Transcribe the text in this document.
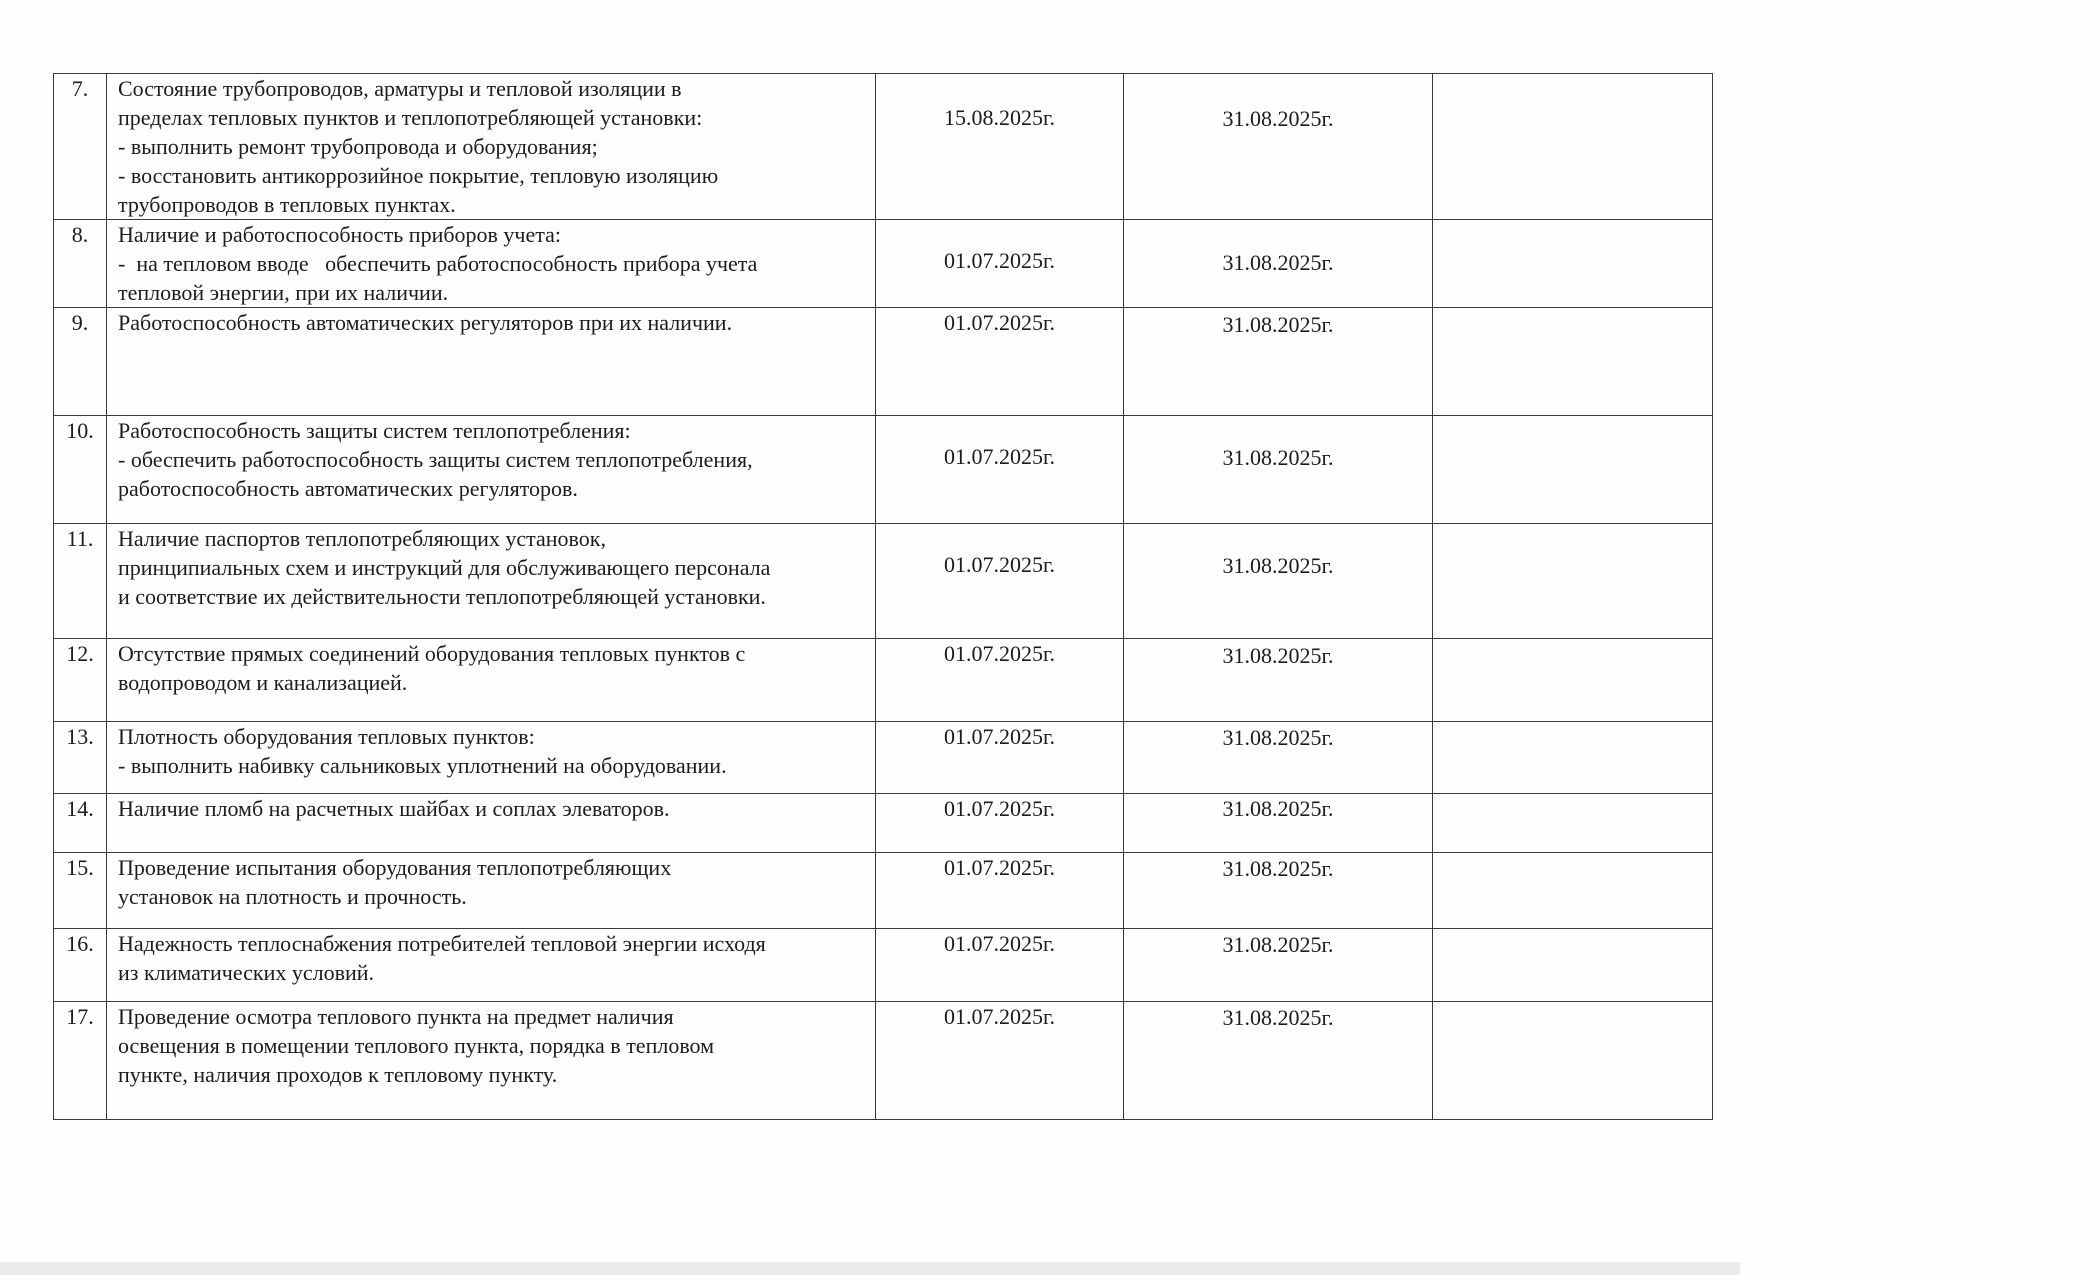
7.	Состояние трубопроводов, арматуры и тепловой изоляции в
пределах тепловых пунктов и теплопотребляющей установки:
- выполнить ремонт трубопровода и оборудования;
- восстановить антикоррозийное покрытие, тепловую изоляцию
трубопроводов в тепловых пунктах.	15.08.2025г.	31.08.2025г.	

8.	Наличие и работоспособность приборов учета:
-  на тепловом вводе   обеспечить работоспособность прибора учета
тепловой энергии, при их наличии.	01.07.2025г.	31.08.2025г.	

9.	Работоспособность автоматических регуляторов при их наличии.	01.07.2025г.	31.08.2025г.	

10.	Работоспособность защиты систем теплопотребления:
- обеспечить работоспособность защиты систем теплопотребления,
работоспособность автоматических регуляторов.	01.07.2025г.	31.08.2025г.	

11.	Наличие паспортов теплопотребляющих установок,
принципиальных схем и инструкций для обслуживающего персонала
и соответствие их действительности теплопотребляющей установки.	01.07.2025г.	31.08.2025г.	

12.	Отсутствие прямых соединений оборудования тепловых пунктов с
водопроводом и канализацией.	01.07.2025г.	31.08.2025г.	

13.	Плотность оборудования тепловых пунктов:
- выполнить набивку сальниковых уплотнений на оборудовании.	01.07.2025г.	31.08.2025г.	

14.	Наличие пломб на расчетных шайбах и соплах элеваторов.	01.07.2025г.	31.08.2025г.	

15.	Проведение испытания оборудования теплопотребляющих
установок на плотность и прочность.	01.07.2025г.	31.08.2025г.	

16.	Надежность теплоснабжения потребителей тепловой энергии исходя
из климатических условий.	01.07.2025г.	31.08.2025г.	

17.	Проведение осмотра теплового пункта на предмет наличия
освещения в помещении теплового пункта, порядка в тепловом
пункте, наличия проходов к тепловому пункту.	01.07.2025г.	31.08.2025г.	
